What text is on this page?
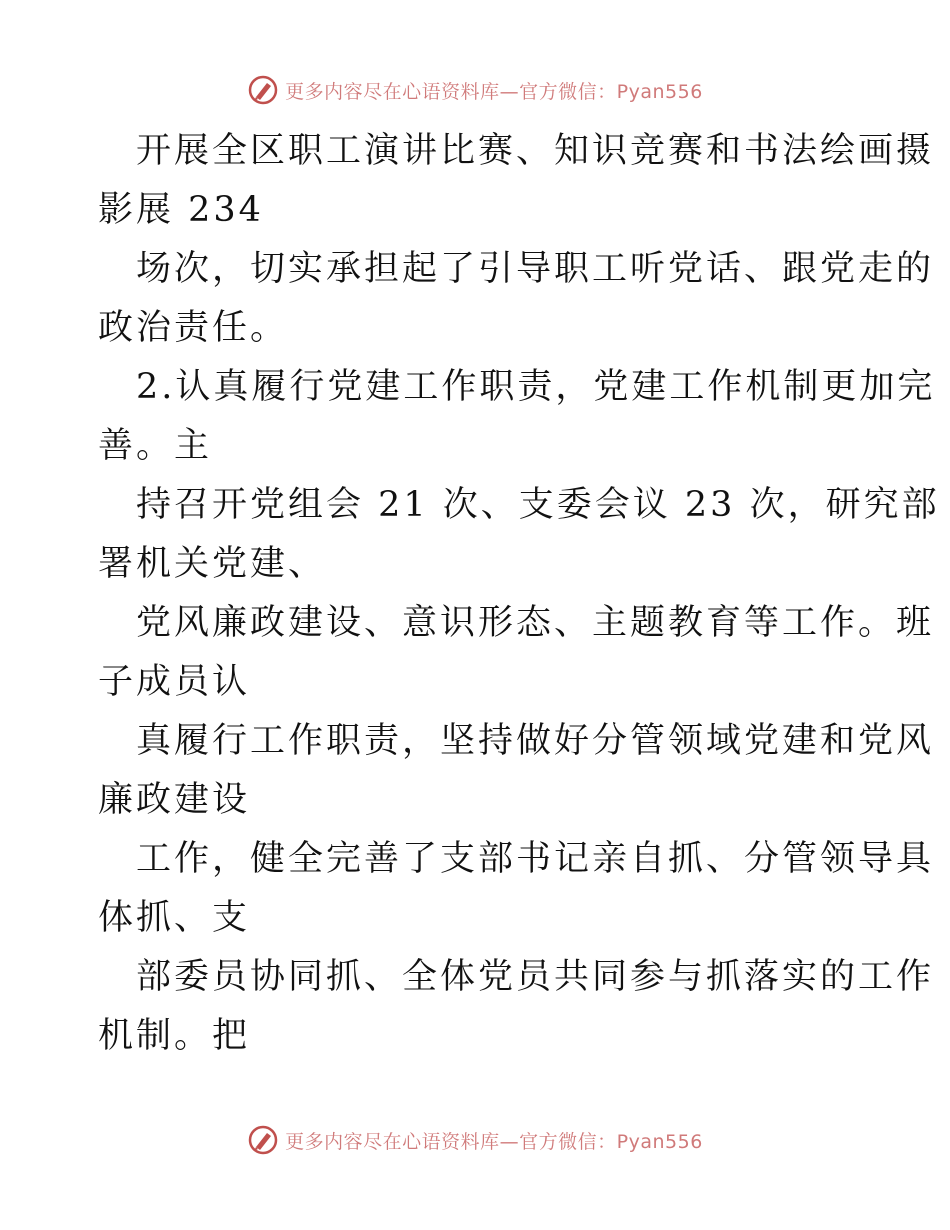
更多内容尽在心语资料库—官方微信：Pyan556
开展全区职工演讲比赛、知识竞赛和书法绘画摄
影展 234
场次，切实承担起了引导职工听党话、跟党走的
政治责任。
2.认真履行党建工作职责，党建工作机制更加完
善。主
持召开党组会 21 次、支委会议 23 次，研究部
署机关党建、
党风廉政建设、意识形态、主题教育等工作。班
子成员认
真履行工作职责，坚持做好分管领域党建和党风
廉政建设
工作，健全完善了支部书记亲自抓、分管领导具
体抓、支
部委员协同抓、全体党员共同参与抓落实的工作
机制。把
更多内容尽在心语资料库—官方微信：Pyan556
